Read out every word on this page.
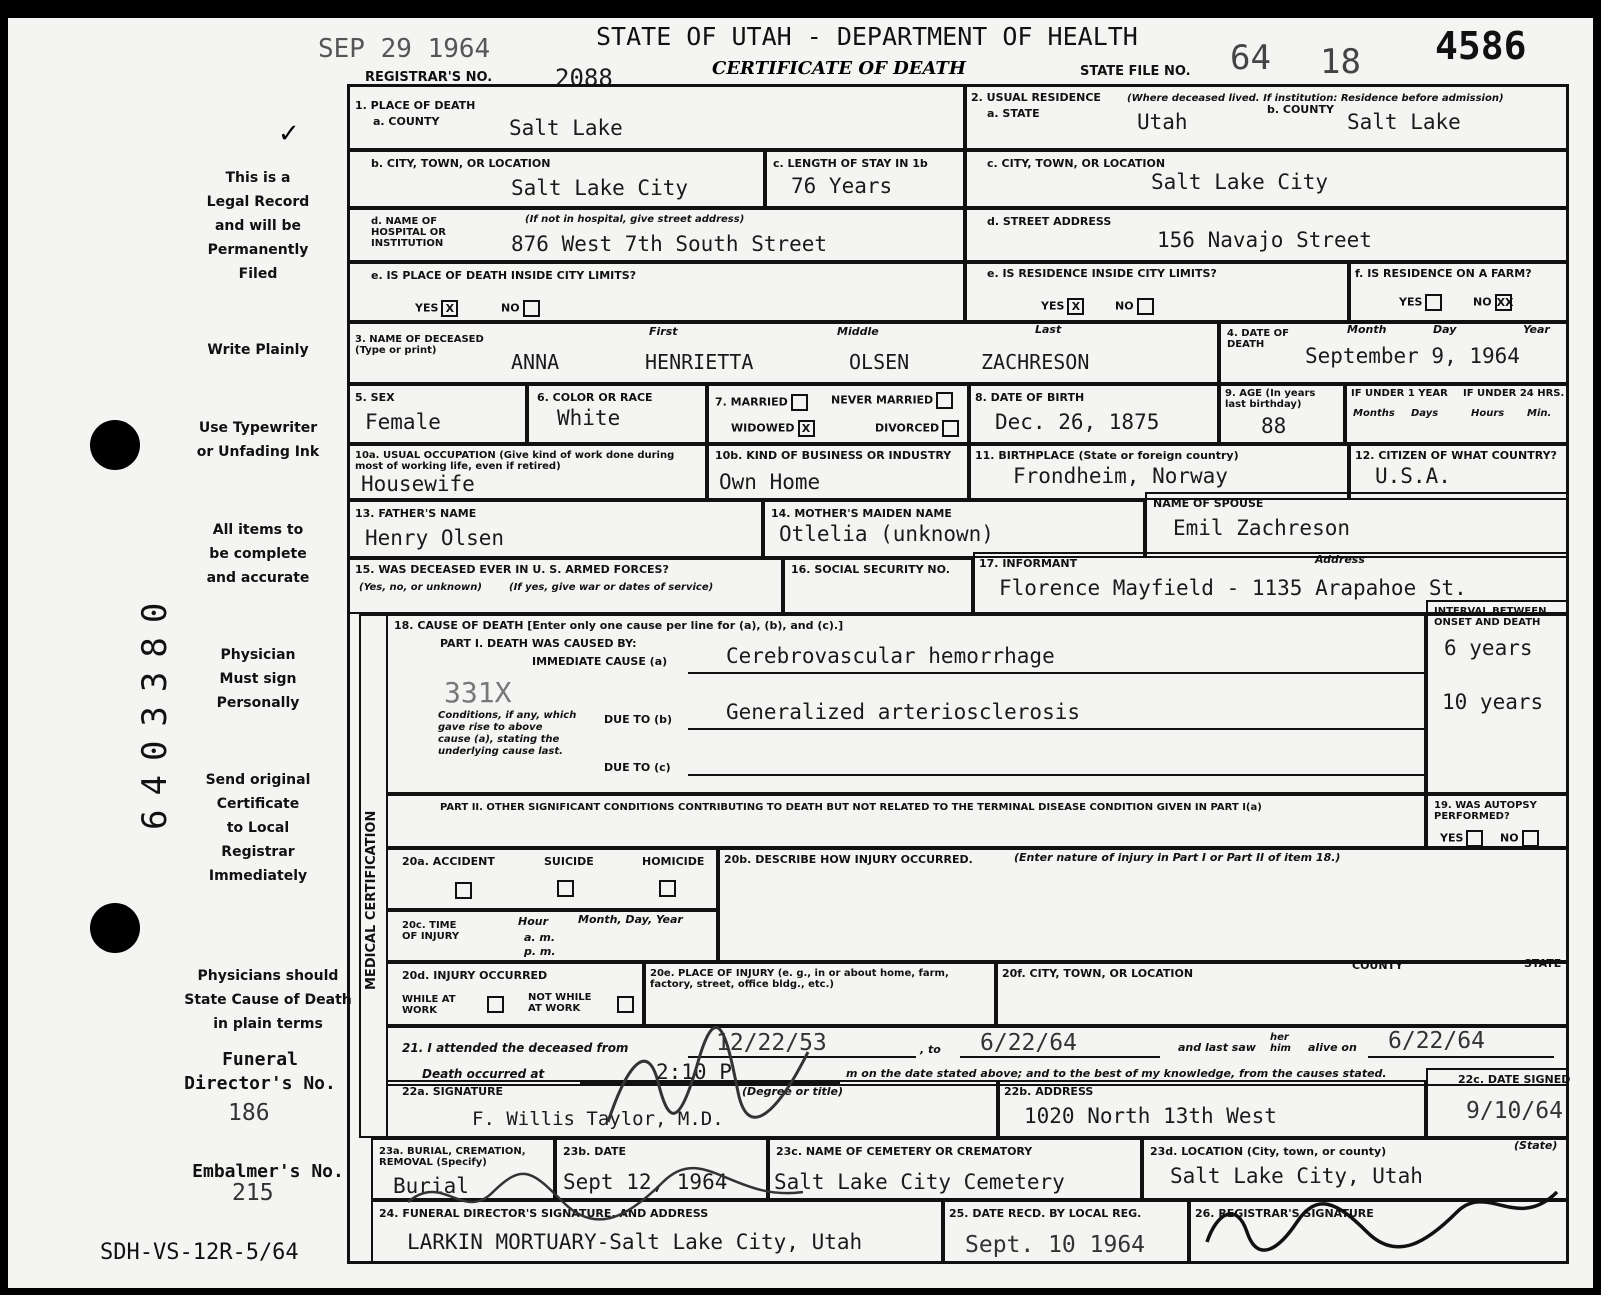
SEP 29 1964	STATE OF UTAH - DEPARTMENT OF HEALTH
CERTIFICATE OF DEATH
REGISTRAR'S NO.	2088	STATE FILE NO. 64 18 4586
✓
This is a
Legal Record
and will be
Permanently
Filed
Write Plainly
Use Typewriter
or Unfading Ink
All items to
be complete
and accurate
Physician
Must sign
Personally
Send original
Certificate
to Local
Registrar
Immediately
Physicians should
State Cause of Death
in plain terms
Funeral
Director's No.
186
Embalmer's No.
215
6403380
SDH-VS-12R-5/64
1. PLACE OF DEATH
a. COUNTY	Salt Lake
2. USUAL RESIDENCE	(Where deceased lived. If institution: Residence before admission)
a. STATE	Utah
b. COUNTY
Salt Lake
b. CITY, TOWN, OR LOCATION
Salt Lake City
c. LENGTH OF STAY IN 1b
76 Years
c. CITY, TOWN, OR LOCATION
Salt Lake City
d. NAME OF HOSPITAL OR INSTITUTION
(If not in hospital, give street address)
876 West 7th South Street
d. STREET ADDRESS
156 Navajo Street
e. IS PLACE OF DEATH INSIDE CITY LIMITS?
YES X	NO
e. IS RESIDENCE INSIDE CITY LIMITS?
YES X	NO
f. IS RESIDENCE ON A FARM?
YES	NO XX
3. NAME OF DECEASED (Type or print)
First	Middle	Last
ANNA	HENRIETTA	OLSEN	ZACHRESON
4. DATE OF DEATH
Month	Day	Year
September 9, 1964
5. SEX
Female
6. COLOR OR RACE
White
7. MARRIED	NEVER MARRIED
WIDOWED X	DIVORCED
8. DATE OF BIRTH
Dec. 26, 1875
9. AGE (In years last birthday)
88
IF UNDER 1 YEAR IF UNDER 24 HRS.
Months Days	Hours Min.
10a. USUAL OCCUPATION (Give kind of work done during most of working life, even if retired)
Housewife
10b. KIND OF BUSINESS OR INDUSTRY
Own Home
11. BIRTHPLACE (State or foreign country)
Frondheim, Norway
12. CITIZEN OF WHAT COUNTRY?
U.S.A.
13. FATHER'S NAME
Henry Olsen
14. MOTHER'S MAIDEN NAME
Otlelia (unknown)
NAME OF SPOUSE
Emil Zachreson
15. WAS DECEASED EVER IN U. S. ARMED FORCES?
(Yes, no, or unknown)	(If yes, give war or dates of service)
16. SOCIAL SECURITY NO.	17. INFORMANT	Address
Florence Mayfield - 1135 Arapahoe St.
MEDICAL CERTIFICATION
18. CAUSE OF DEATH [Enter only one cause per line for (a), (b), and (c).]
PART I. DEATH WAS CAUSED BY:
IMMEDIATE CAUSE (a)	Cerebrovascular hemorrhage
331X
Conditions, if any, which gave rise to above cause (a), stating the underlying cause last.
DUE TO (b)	Generalized arteriosclerosis
DUE TO (c)
INTERVAL BETWEEN ONSET AND DEATH
6 years
10 years
PART II. OTHER SIGNIFICANT CONDITIONS CONTRIBUTING TO DEATH BUT NOT RELATED TO THE TERMINAL DISEASE CONDITION GIVEN IN PART I(a)	19. WAS AUTOPSY PERFORMED?
YES	NO
20a. ACCIDENT	SUICIDE	HOMICIDE 20b. DESCRIBE HOW INJURY OCCURRED.	(Enter nature of injury in Part I or Part II of item 18.)
20c. TIME OF INJURY
Hour
a. m.
p. m.
Month, Day, Year
20d. INJURY OCCURRED
WHILE AT WORK
NOT WHILE AT WORK
20e. PLACE OF INJURY (e. g., in or about home, farm, factory, street, office bldg., etc.)
20f. CITY, TOWN, OR LOCATION
COUNTY	STATE
21. I attended the deceased from	12/22/53	, to 6/22/64	and last saw
her
him alive on 6/22/64
Death occurred at	2:10 P	m on the date stated above; and to the best of my knowledge, from the causes stated.
22a. SIGNATURE	(Degree or title)
F. Willis Taylor, M.D.
22b. ADDRESS
1020 North 13th West
22c. DATE SIGNED
9/10/64
23a. BURIAL, CREMATION, REMOVAL (Specify)
Burial
23b. DATE
Sept 12, 1964
23c. NAME OF CEMETERY OR CREMATORY
Salt Lake City Cemetery
23d. LOCATION (City, town, or county)	(State)
Salt Lake City, Utah
24. FUNERAL DIRECTOR'S SIGNATURE, AND ADDRESS
LARKIN MORTUARY-Salt Lake City, Utah
25. DATE RECD. BY LOCAL REG.
Sept. 10 1964
26. REGISTRAR'S SIGNATURE
